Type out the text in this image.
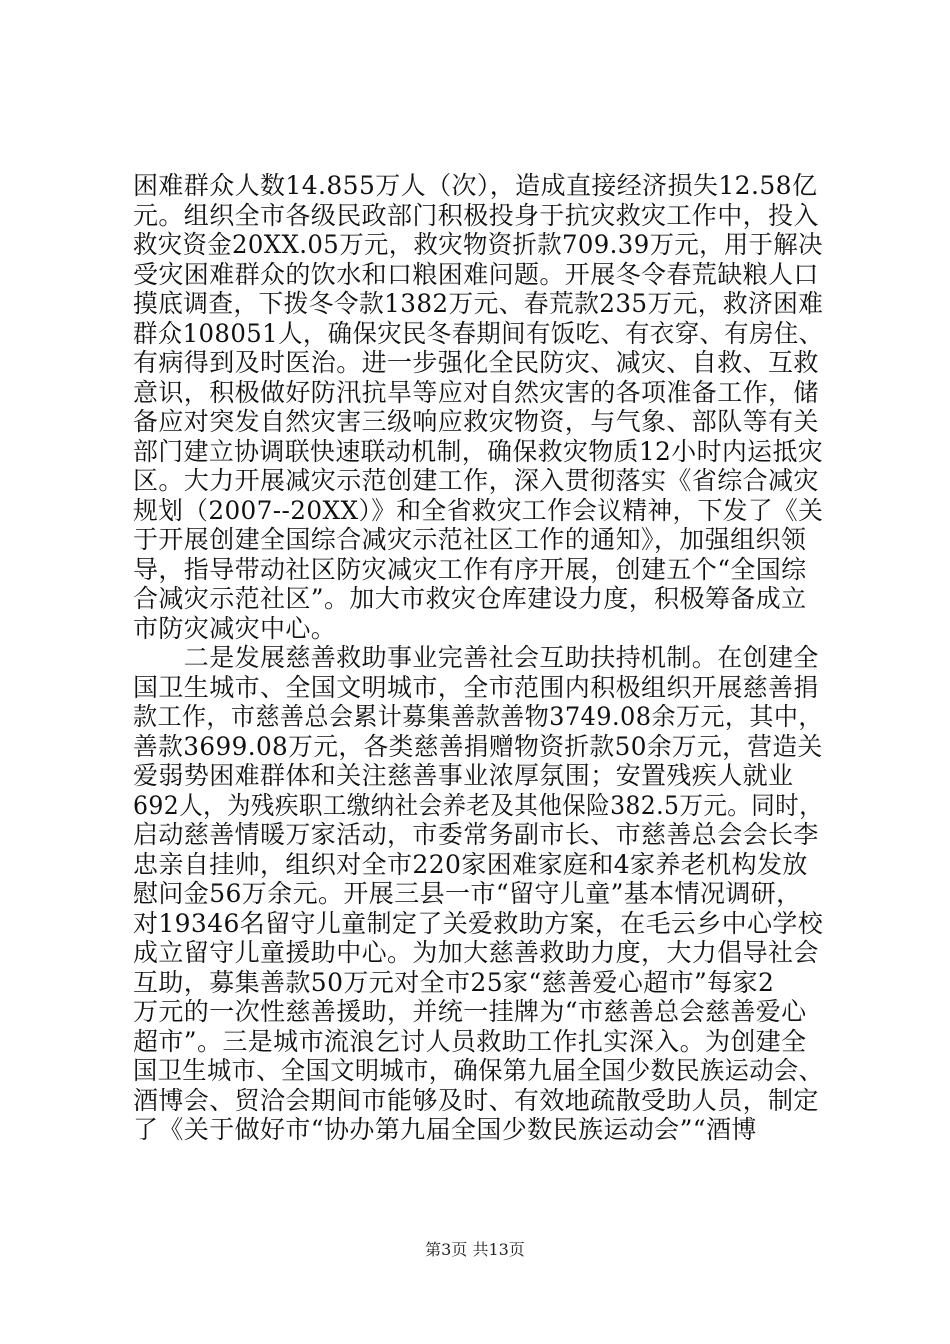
困难群众人数14.855万人（次），造成直接经济损失12.58亿
元。组织全市各级民政部门积极投身于抗灾救灾工作中，投入
救灾资金20XX.05万元，救灾物资折款709.39万元，用于解决
受灾困难群众的饮水和口粮困难问题。开展冬令春荒缺粮人口
摸底调查，下拨冬令款1382万元、春荒款235万元，救济困难
群众108051人，确保灾民冬春期间有饭吃、有衣穿、有房住、
有病得到及时医治。进一步强化全民防灾、减灾、自救、互救
意识，积极做好防汛抗旱等应对自然灾害的各项准备工作，储
备应对突发自然灾害三级响应救灾物资，与气象、部队等有关
部门建立协调联快速联动机制，确保救灾物质12小时内运抵灾
区。大力开展减灾示范创建工作，深入贯彻落实《省综合减灾
规划（2007--20XX）》和全省救灾工作会议精神，下发了《关
于开展创建全国综合减灾示范社区工作的通知》，加强组织领
导，指导带动社区防灾减灾工作有序开展，创建五个“全国综
合减灾示范社区”。加大市救灾仓库建设力度，积极筹备成立
市防灾减灾中心。
　　二是发展慈善救助事业完善社会互助扶持机制。在创建全
国卫生城市、全国文明城市，全市范围内积极组织开展慈善捐
款工作，市慈善总会累计募集善款善物3749.08余万元，其中，
善款3699.08万元，各类慈善捐赠物资折款50余万元，营造关
爱弱势困难群体和关注慈善事业浓厚氛围；安置残疾人就业
692人，为残疾职工缴纳社会养老及其他保险382.5万元。同时，
启动慈善情暖万家活动，市委常务副市长、市慈善总会会长李
忠亲自挂帅，组织对全市220家困难家庭和4家养老机构发放
慰问金56万余元。开展三县一市“留守儿童”基本情况调研，
对19346名留守儿童制定了关爱救助方案，在毛云乡中心学校
成立留守儿童援助中心。为加大慈善救助力度，大力倡导社会
互助，募集善款50万元对全市25家“慈善爱心超市”每家2
万元的一次性慈善援助，并统一挂牌为“市慈善总会慈善爱心
超市”。三是城市流浪乞讨人员救助工作扎实深入。为创建全
国卫生城市、全国文明城市，确保第九届全国少数民族运动会、
酒博会、贸洽会期间市能够及时、有效地疏散受助人员，制定
了《关于做好市“协办第九届全国少数民族运动会”“酒博
第3页 共13页
